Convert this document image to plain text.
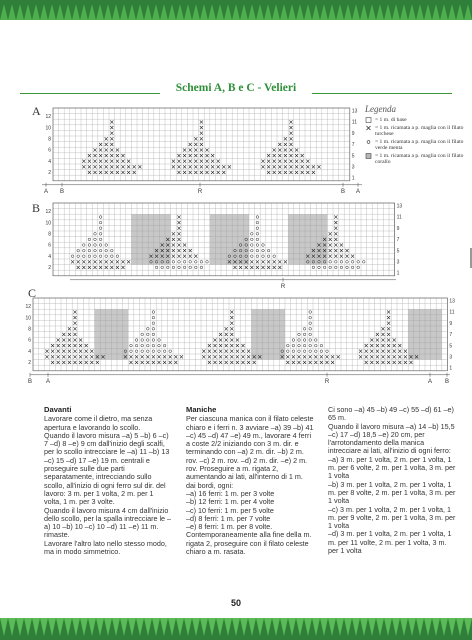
Schemi A, B e C - Velieri
A 12
10
8
6
4
2
13
11
9
7
5
3
1
A B	R	B A
12
10
8
6
4
2
13
11
9
7
5
3
1
R
12
10
8
6
4
2
13
11
9
7
5
3
1
B A	R	A B
Legenda
= 1 m. di base
= 1 m. ricamata a p. maglia con il filato turchese
= 1 m. ricamata a p. maglia con il filato verde menta
= 1 m. ricamata a p. maglia con il filato corallo
B
C
Davanti

Lavorare come il dietro, ma senza apertura e lavorando lo scollo.

Quando il lavoro misura –a) 5 –b) 6 –c) 7 –d) 8 –e) 9 cm dall'inizio degli scalfi, per lo scollo intrecciare le –a) 11 –b) 13 –c) 15 –d) 17 –e) 19 m. centrali e proseguire sulle due parti separatamente, intrecciando sullo scollo, all'inizio di ogni ferro sul dir. del lavoro: 3 m. per 1 volta, 2 m. per 1 volta, 1 m. per 3 volte.

Quando il lavoro misura 4 cm dall'inizio dello scollo, per la spalla intrecciare le –a) 10 –b) 10 –c) 10 –d) 11 –e) 11 m. rimaste.

Lavorare l'altro lato nello stesso modo, ma in modo simmetrico.

Maniche

Per ciascuna manica con il filato celeste chiaro e i ferri n. 3 avviare –a) 39 –b) 41 –c) 45 –d) 47 –e) 49 m., lavorare 4 ferri a coste 2/2 iniziando con 3 m. dir. e terminando con –a) 2 m. dir. –b) 2 m. rov. –c) 2 m. rov. –d) 2 m. dir. –e) 2 m. rov. Proseguire a m. rigata 2, aumentando ai lati, all'interno di 1 m. dai bordi, ogni:

–a) 16 ferri: 1 m. per 3 volte

–b) 12 ferri: 1 m. per 4 volte

–c) 10 ferri: 1 m. per 5 volte

–d) 8 ferri: 1 m. per 7 volte

–e) 8 ferri: 1 m. per 8 volte.

Contemporaneamente alla fine della m. rigata 2, proseguire con il filato celeste chiaro a m. rasata.

Ci sono –a) 45 –b) 49 –c) 55 –d) 61 –e) 65 m.

Quando il lavoro misura –a) 14 –b) 15,5 –c) 17 –d) 18,5 –e) 20 cm, per l'arrotondamento della manica intrecciare ai lati, all'inizio di ogni ferro:

–a) 3 m. per 1 volta, 2 m. per 1 volta, 1 m. per 6 volte, 2 m. per 1 volta, 3 m. per 1 volta

–b) 3 m. per 1 volta, 2 m. per 1 volta, 1 m. per 8 volte, 2 m. per 1 volta, 3 m. per 1 volta

–c) 3 m. per 1 volta, 2 m. per 1 volta, 1 m. per 9 volte, 2 m. per 1 volta, 3 m. per 1 volta

–d) 3 m. per 1 volta, 2 m. per 1 volta, 1 m. per 11 volte, 2 m. per 1 volta, 3 m. per 1 volta

50
